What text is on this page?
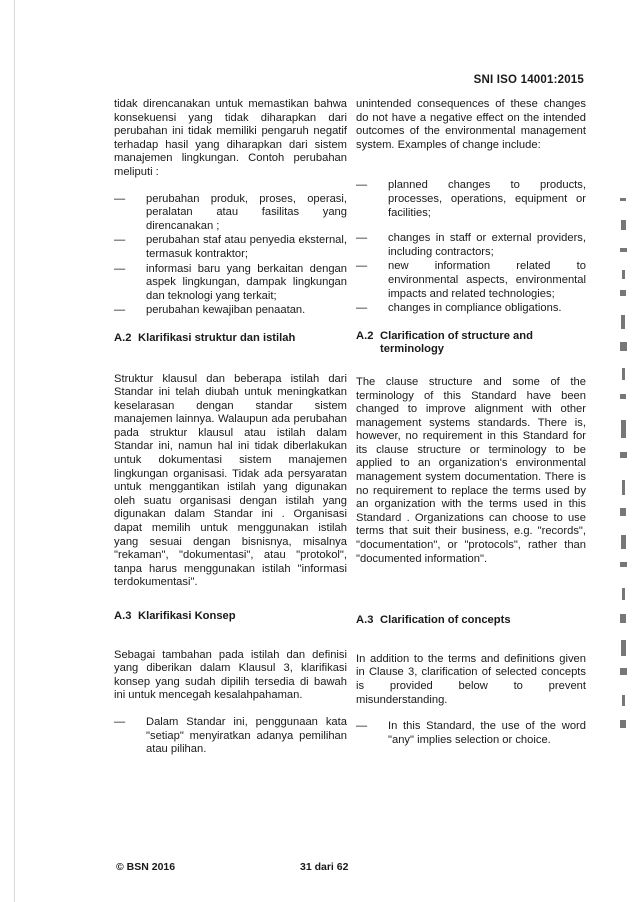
SNI ISO 14001:2015

tidak direncanakan untuk memastikan bahwa konsekuensi yang tidak diharapkan dari perubahan ini tidak memiliki pengaruh negatif terhadap hasil yang diharapkan dari sistem manajemen lingkungan. Contoh perubahan meliputi :

— perubahan produk, proses, operasi, peralatan atau fasilitas yang direncanakan ;
— perubahan staf atau penyedia eksternal, termasuk kontraktor;
— informasi baru yang berkaitan dengan aspek lingkungan, dampak lingkungan dan teknologi yang terkait;
— perubahan kewajiban penaatan.
A.2 Klarifikasi struktur dan istilah

Struktur klausul dan beberapa istilah dari Standar ini telah diubah untuk meningkatkan keselarasan dengan standar sistem manajemen lainnya. Walaupun ada perubahan pada struktur klausul atau istilah dalam Standar ini, namun hal ini tidak diberlakukan untuk dokumentasi sistem manajemen lingkungan organisasi. Tidak ada persyaratan untuk menggantikan istilah yang digunakan oleh suatu organisasi dengan istilah yang digunakan dalam Standar ini . Organisasi dapat memilih untuk menggunakan istilah yang sesuai dengan bisnisnya, misalnya "rekaman", "dokumentasi", atau "protokol", tanpa harus menggunakan istilah "informasi terdokumentasi".

A.3 Klarifikasi Konsep

Sebagai tambahan pada istilah dan definisi yang diberikan dalam Klausul 3, klarifikasi konsep yang sudah dipilih tersedia di bawah ini untuk mencegah kesalahpahaman.

— Dalam Standar ini, penggunaan kata "setiap" menyiratkan adanya pemilihan atau pilihan.

unintended consequences of these changes do not have a negative effect on the intended outcomes of the environmental management system. Examples of change include:

— planned changes to products, processes, operations, equipment or facilities;
— changes in staff or external providers, including contractors;
— new information related to environmental aspects, environmental impacts and related technologies;
— changes in compliance obligations.
A.2 Clarification of structure and terminology

The clause structure and some of the terminology of this Standard have been changed to improve alignment with other management systems standards. There is, however, no requirement in this Standard for its clause structure or terminology to be applied to an organization's environmental management system documentation. There is no requirement to replace the terms used by an organization with the terms used in this Standard . Organizations can choose to use terms that suit their business, e.g. "records", "documentation", or "protocols", rather than "documented information".

A.3 Clarification of concepts

In addition to the terms and definitions given in Clause 3, clarification of selected concepts is provided below to prevent misunderstanding.

— In this Standard, the use of the word "any" implies selection or choice.
© BSN 2016	31 dari 62
